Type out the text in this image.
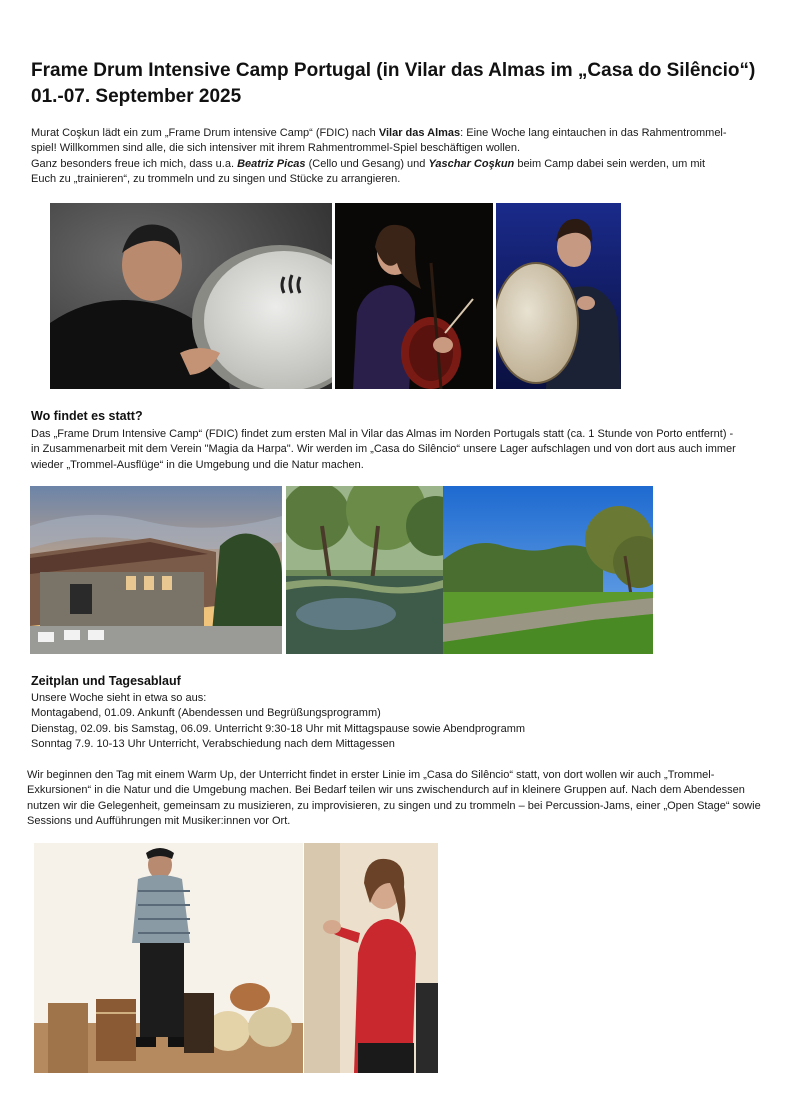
Frame Drum Intensive Camp Portugal (in Vilar das Almas im „Casa do Silêncio“)
01.-07. September 2025
Murat Coşkun lädt ein zum „Frame Drum intensive Camp“ (FDIC) nach Vilar das Almas: Eine Woche lang eintauchen in das Rahmentrommel-
spiel! Willkommen sind alle, die sich intensiver mit ihrem Rahmentrommel-Spiel beschäftigen wollen.
Ganz besonders freue ich mich, dass u.a. Beatriz Picas (Cello und Gesang) und Yaschar Coşkun beim Camp dabei sein werden, um mit
Euch zu „trainieren“, zu trommeln und zu singen und Stücke zu arrangieren.
Wo findet es statt?
Das „Frame Drum Intensive Camp“ (FDIC) findet zum ersten Mal in Vilar das Almas im Norden Portugals statt (ca. 1 Stunde von Porto entfernt) -
in Zusammenarbeit mit dem Verein "Magia da Harpa". Wir werden im „Casa do Silêncio“ unsere Lager aufschlagen und von dort aus auch immer
wieder „Trommel-Ausflüge“ in die Umgebung und die Natur machen.
Zeitplan und Tagesablauf
Unsere Woche sieht in etwa so aus:
Montagabend, 01.09. Ankunft (Abendessen und Begrüßungsprogramm)
Dienstag, 02.09. bis Samstag, 06.09. Unterricht 9:30-18 Uhr mit Mittagspause sowie Abendprogramm
Sonntag 7.9. 10-13 Uhr Unterricht, Verabschiedung nach dem Mittagessen
Wir beginnen den Tag mit einem Warm Up, der Unterricht findet in erster Linie im „Casa do Silêncio“ statt, von dort wollen wir auch „Trommel-
Exkursionen“ in die Natur und die Umgebung machen. Bei Bedarf teilen wir uns zwischendurch auf in kleinere Gruppen auf. Nach dem Abendessen
nutzen wir die Gelegenheit, gemeinsam zu musizieren, zu improvisieren, zu singen und zu trommeln – bei Percussion-Jams, einer „Open Stage“ sowie
Sessions und Aufführungen mit Musiker:innen vor Ort.
